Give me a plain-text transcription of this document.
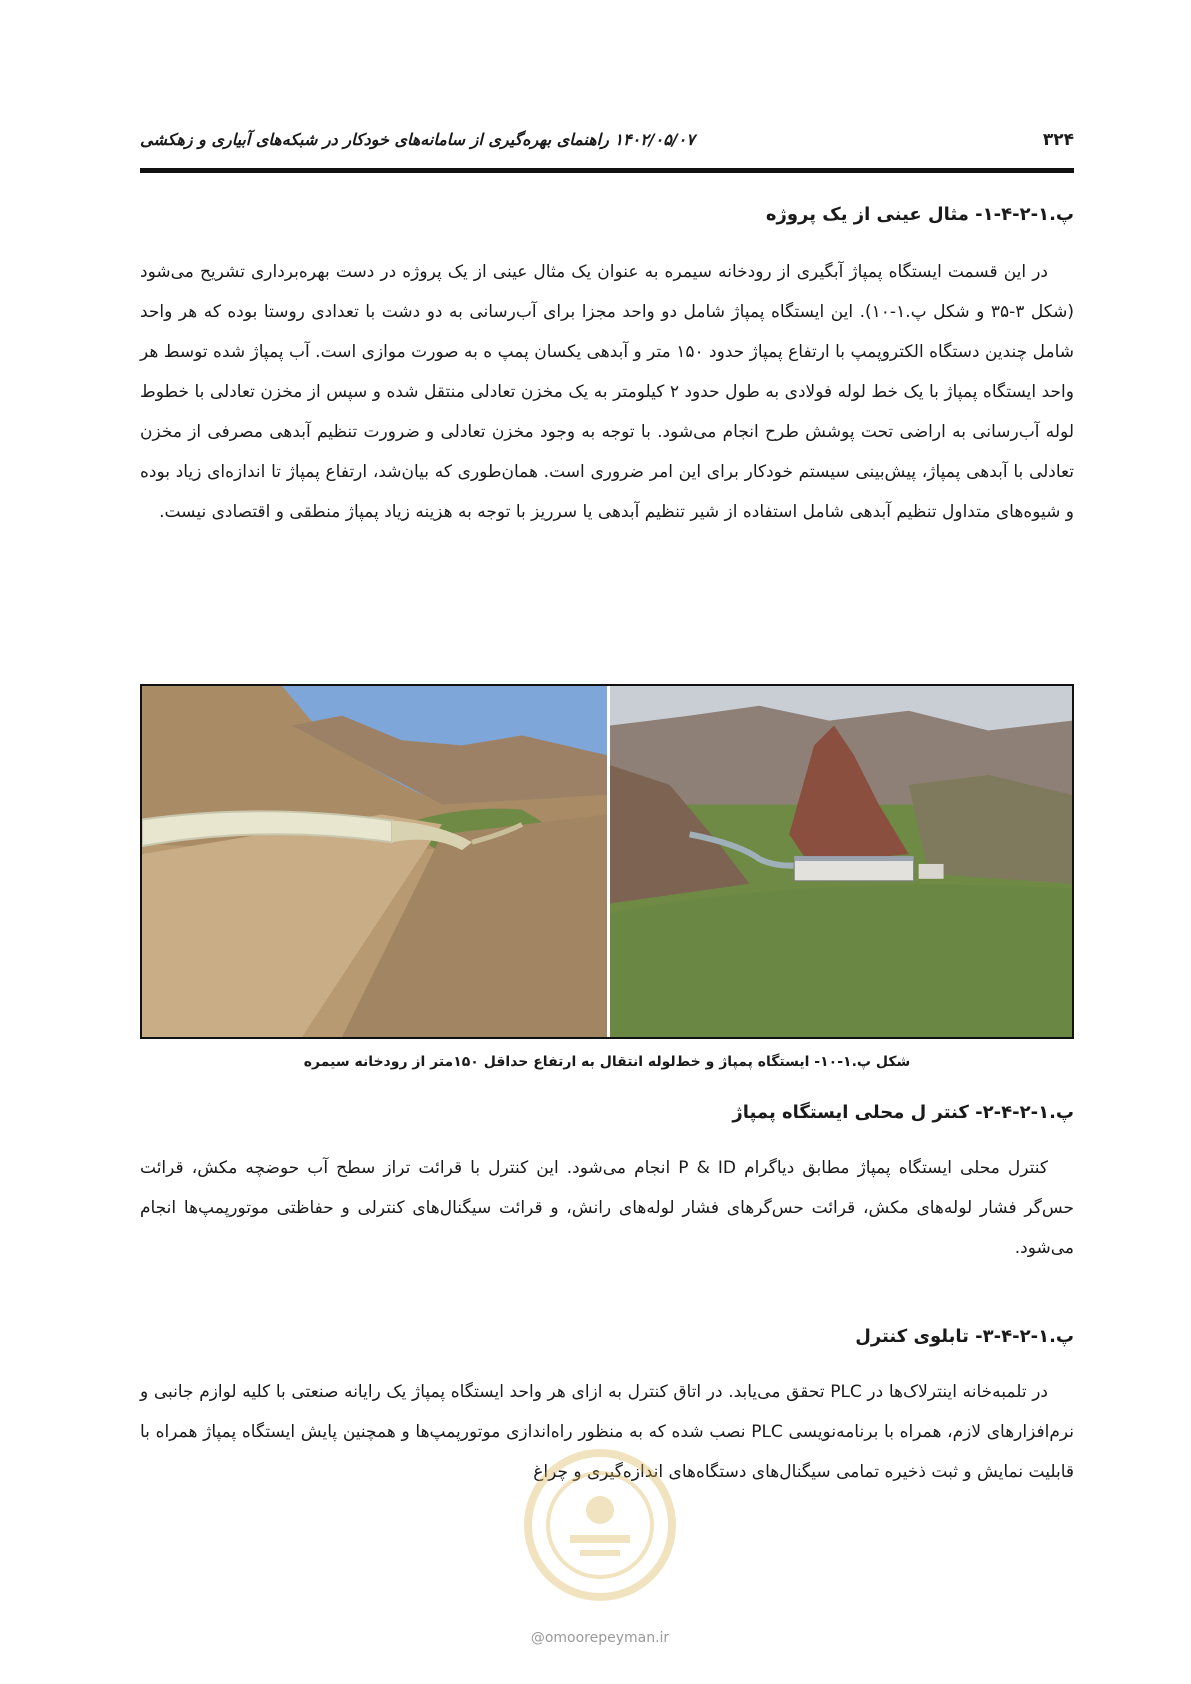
۳۲۴
۱۴۰۲/۰۵/۰۷ راهنمای بهره‌گیری از سامانه‌های خودکار در شبکه‌های آبیاری و زهکشی
پ.۱-۲-۴-۱- مثال عینی از یک پروژه

در این قسمت ایستگاه پمپاژ آبگیری از رودخانه سیمره به عنوان یک مثال عینی از یک پروژه در دست بهره‌برداری تشریح می‌شود (شکل ۳-۳۵ و شکل پ.۱-۱۰). این ایستگاه پمپاژ شامل دو واحد مجزا برای آب‌رسانی به دو دشت با تعدادی روستا بوده که هر واحد شامل چندین دستگاه الکتروپمپ با ارتفاع پمپاژ حدود ۱۵۰ متر و آبدهی یکسان پمپ ه به صورت موازی است. آب پمپاژ شده توسط هر واحد ایستگاه پمپاژ با یک خط لوله فولادی به طول حدود ۲ کیلومتر به یک مخزن تعادلی منتقل شده و سپس از مخزن تعادلی با خطوط لوله آب‌رسانی به اراضی تحت پوشش طرح انجام می‌شود. با توجه به وجود مخزن تعادلی و ضرورت تنظیم آبدهی مصرفی از مخزن تعادلی با آبدهی پمپاژ، پیش‌بینی سیستم خودکار برای این امر ضروری است. همان‌طوری که بیان‌شد، ارتفاع پمپاژ تا اندازه‌ای زیاد بوده و شیوه‌های متداول تنظیم آبدهی شامل استفاده از شیر تنظیم آبدهی یا سرریز با توجه به هزینه زیاد پمپاژ منطقی و اقتصادی نیست.

شکل پ.۱-۱۰- ایستگاه پمپاژ و خط‌لوله انتقال به ارتفاع حداقل ۱۵۰متر از رودخانه سیمره
پ.۱-۲-۴-۲- کنتر ل محلی ایستگاه پمپاژ

کنترل محلی ایستگاه پمپاژ مطابق دیاگرام P & ID انجام می‌شود. این کنترل با قرائت تراز سطح آب حوضچه مکش، قرائت حس‌گر فشار لوله‌های مکش، قرائت حس‌گرهای فشار لوله‌های رانش، و قرائت سیگنال‌های کنترلی و حفاظتی موتورپمپ‌ها انجام می‌شود.

پ.۱-۲-۴-۳- تابلوی کنترل

در تلمبه‌خانه اینترلاک‌ها در PLC تحقق می‌یابد. در اتاق کنترل به ازای هر واحد ایستگاه پمپاژ یک رایانه صنعتی با کلیه لوازم جانبی و نرم‌افزارهای لازم، همراه با برنامه‌نویسی PLC نصب شده که به منظور راه‌اندازی موتورپمپ‌ها و همچنین پایش ایستگاه پمپاژ همراه با قابلیت نمایش و ثبت ذخیره تمامی سیگنال‌های دستگاه‌های اندازه‌گیری و چراغ

@omoorepeyman.ir
